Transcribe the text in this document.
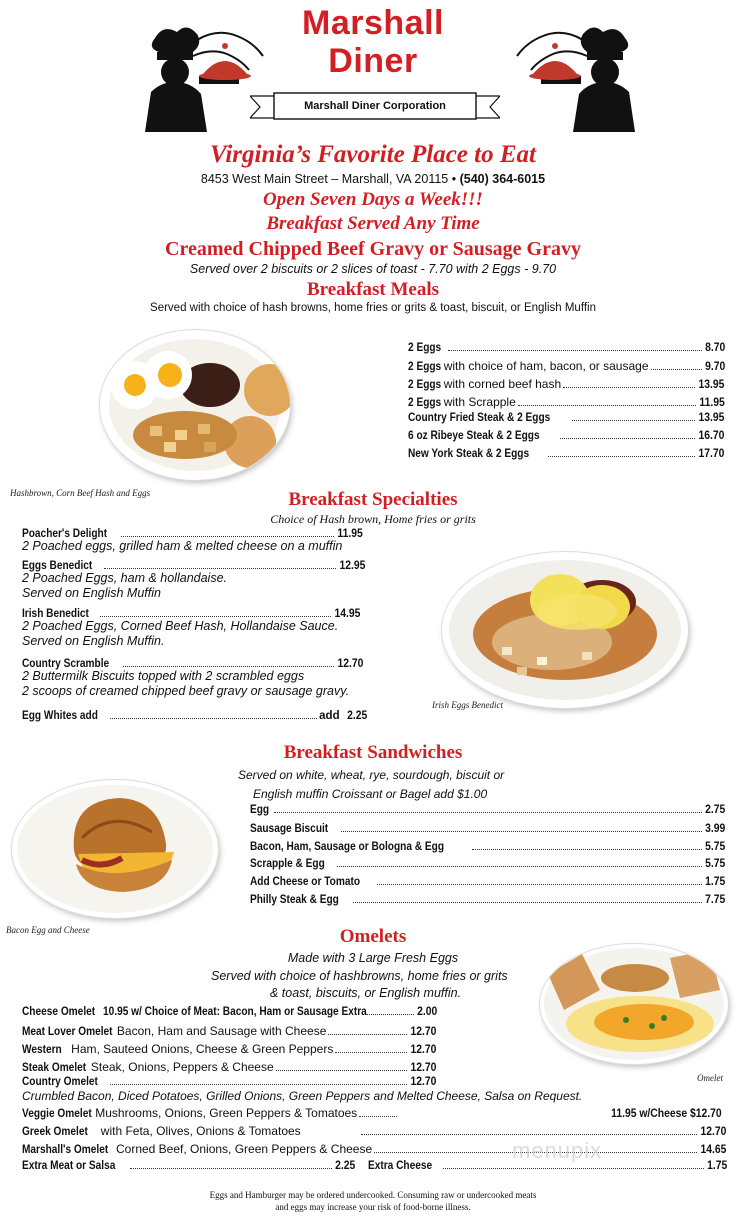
Marshall
Diner
Marshall Diner Corporation
Virginia’s Favorite Place to Eat
8453 West Main Street – Marshall, VA 20115 • (540) 364-6015
Open Seven Days a Week!!!
Breakfast Served Any Time
Creamed Chipped Beef Gravy or Sausage Gravy
Served over 2 biscuits or 2 slices of toast - 7.70 with 2 Eggs - 9.70
Breakfast Meals
Served with choice of hash browns, home fries or grits & toast, biscuit, or English Muffin
Hashbrown, Corn Beef Hash and Eggs
2 Eggs	8.70
2 Eggs with choice of ham, bacon, or sausage	9.70
2 Eggs with corned beef hash	13.95
2 Eggs with Scrapple	11.95
Country Fried Steak & 2 Eggs	13.95
6 oz Ribeye Steak & 2 Eggs	16.70
New York Steak & 2 Eggs	17.70
Breakfast Specialties
Choice of Hash brown, Home fries or grits
Poacher's Delight	11.95
2 Poached eggs, grilled ham & melted cheese on a muffin
Eggs Benedict	12.95
2 Poached Eggs, ham & hollandaise.
Served on English Muffin
Irish Benedict	14.95
2 Poached Eggs, Corned Beef Hash, Hollandaise Sauce.
Served on English Muffin.
Country Scramble	12.70
2 Buttermilk Biscuits topped with 2 scrambled eggs
2 scoops of creamed chipped beef gravy or sausage gravy.
Egg Whites add	add 2.25
Irish Eggs Benedict
Breakfast Sandwiches
Served on white, wheat, rye, sourdough, biscuit or
English muffin Croissant or Bagel add $1.00
Bacon Egg and Cheese
Egg	2.75
Sausage Biscuit	3.99
Bacon, Ham, Sausage or Bologna & Egg	5.75
Scrapple & Egg	5.75
Add Cheese or Tomato	1.75
Philly Steak & Egg	7.75
Omelets
Made with 3 Large Fresh Eggs
Served with choice of hashbrowns, home fries or grits
& toast, biscuits, or English muffin.
Omelet
Cheese Omelet 10.95 w/ Choice of Meat: Bacon, Ham or Sausage Extra	2.00
Meat Lover Omelet Bacon, Ham and Sausage with Cheese	12.70
Western Ham, Sauteed Onions, Cheese & Green Peppers	12.70
Steak Omelet Steak, Onions, Peppers & Cheese	12.70
Country Omelet	12.70
Crumbled Bacon, Diced Potatoes, Grilled Onions, Green Peppers and Melted Cheese, Salsa on Request.
Veggie Omelet Mushrooms, Onions, Green Peppers & Tomatoes	11.95 w/Cheese $12.70
Greek Omelet with Feta, Olives, Onions & Tomatoes	12.70
Marshall's Omelet Corned Beef, Onions, Green Peppers & Cheese	14.65
Extra Meat or Salsa	2.25 Extra Cheese	1.75
menupix
Eggs and Hamburger may be ordered undercooked. Consuming raw or undercooked meats
and eggs may increase your risk of food-borne illness.
